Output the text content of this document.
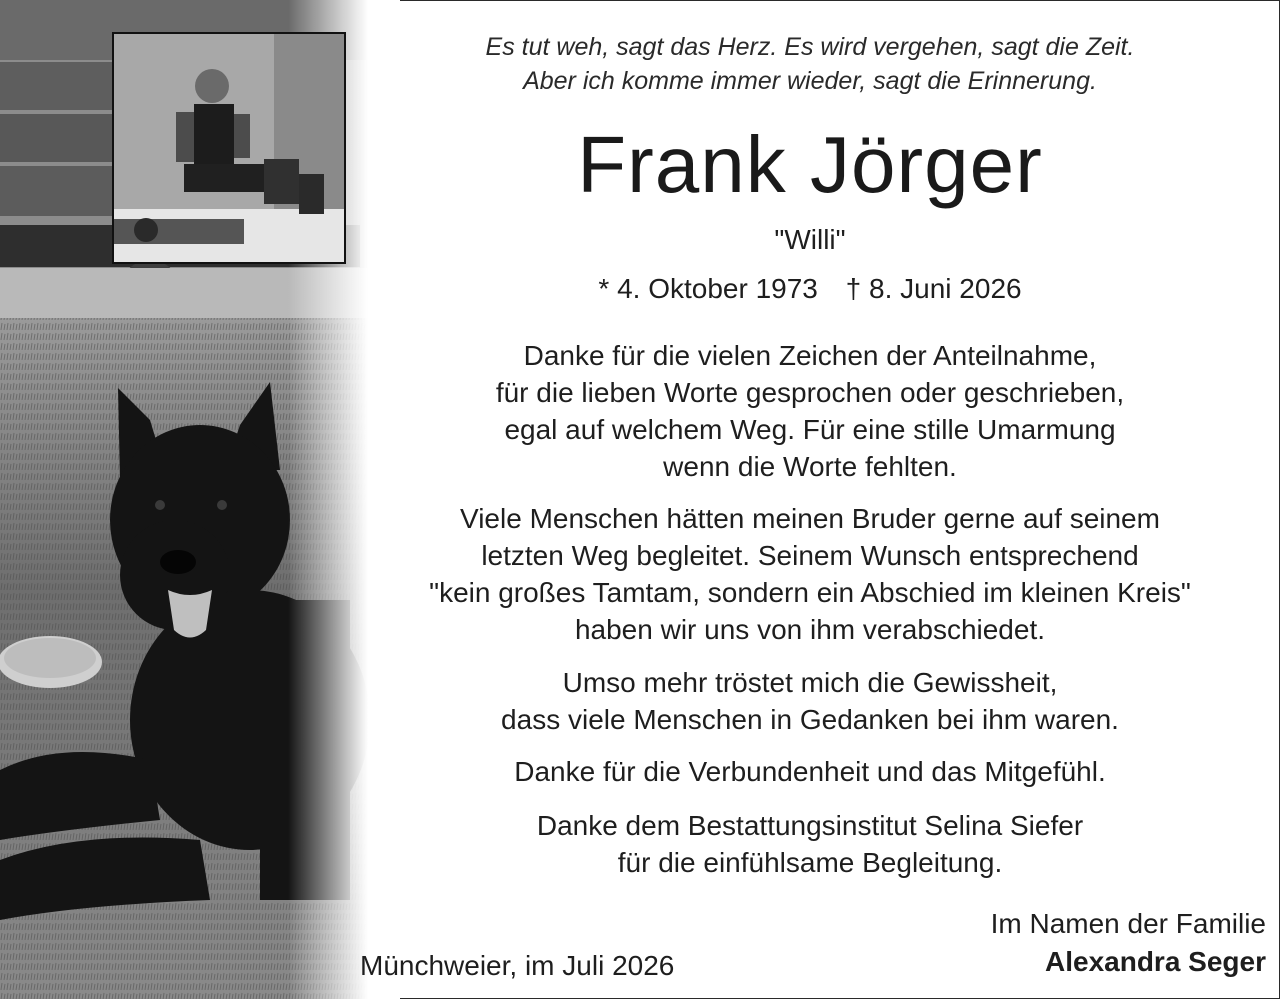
Es tut weh, sagt das Herz. Es wird vergehen, sagt die Zeit.
Aber ich komme immer wieder, sagt die Erinnerung.
Frank Jörger
"Willi"
* 4. Oktober 1973 † 8. Juni 2026
Danke für die vielen Zeichen der Anteilnahme,
für die lieben Worte gesprochen oder geschrieben,
egal auf welchem Weg. Für eine stille Umarmung
wenn die Worte fehlten.
Viele Menschen hätten meinen Bruder gerne auf seinem
letzten Weg begleitet. Seinem Wunsch entsprechend
"kein großes Tamtam, sondern ein Abschied im kleinen Kreis"
haben wir uns von ihm verabschiedet.
Umso mehr tröstet mich die Gewissheit,
dass viele Menschen in Gedanken bei ihm waren.
Danke für die Verbundenheit und das Mitgefühl.
Danke dem Bestattungsinstitut Selina Siefer
für die einfühlsame Begleitung.
Münchweier, im Juli 2026
Im Namen der Familie
Alexandra Seger
